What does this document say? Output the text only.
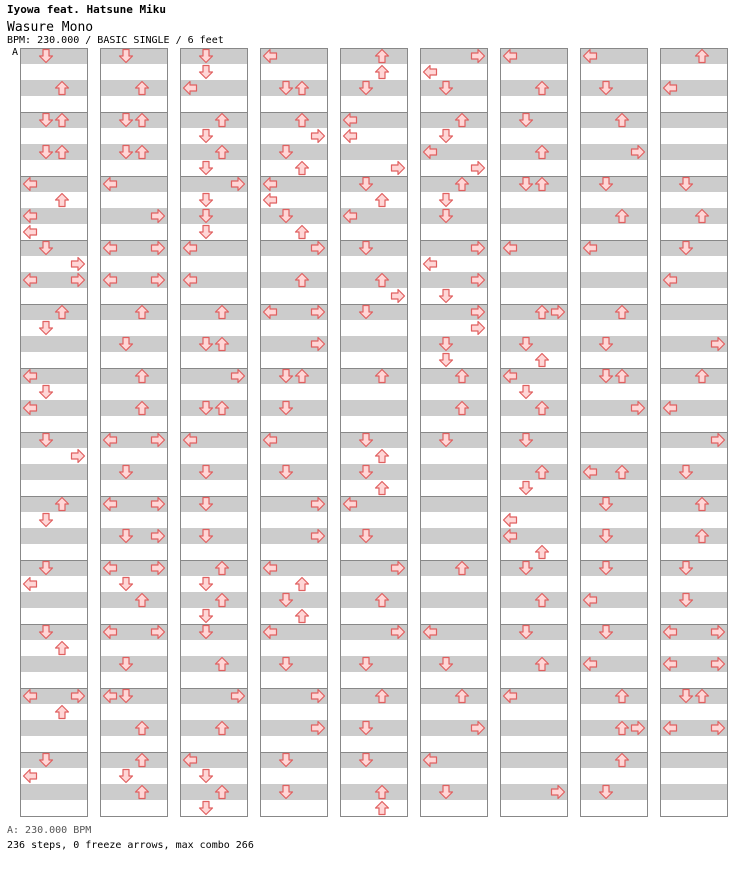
Iyowa feat. Hatsune Miku
Wasure Mono
BPM: 230.000 / BASIC SINGLE / 6 feet
A
A: 230.000 BPM
236 steps, 0 freeze arrows, max combo 266
